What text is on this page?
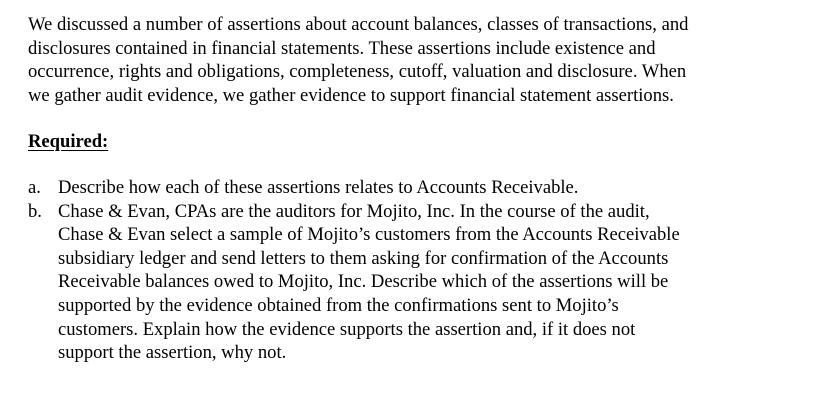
We discussed a number of assertions about account balances, classes of transactions, and
disclosures contained in financial statements. These assertions include existence and
occurrence, rights and obligations, completeness, cutoff, valuation and disclosure. When
we gather audit evidence, we gather evidence to support financial statement assertions.

Required:
a. Describe how each of these assertions relates to Accounts Receivable.
b. Chase & Evan, CPAs are the auditors for Mojito, Inc. In the course of the audit,
Chase & Evan select a sample of Mojito’s customers from the Accounts Receivable
subsidiary ledger and send letters to them asking for confirmation of the Accounts
Receivable balances owed to Mojito, Inc. Describe which of the assertions will be
supported by the evidence obtained from the confirmations sent to Mojito’s
customers. Explain how the evidence supports the assertion and, if it does not
support the assertion, why not.
